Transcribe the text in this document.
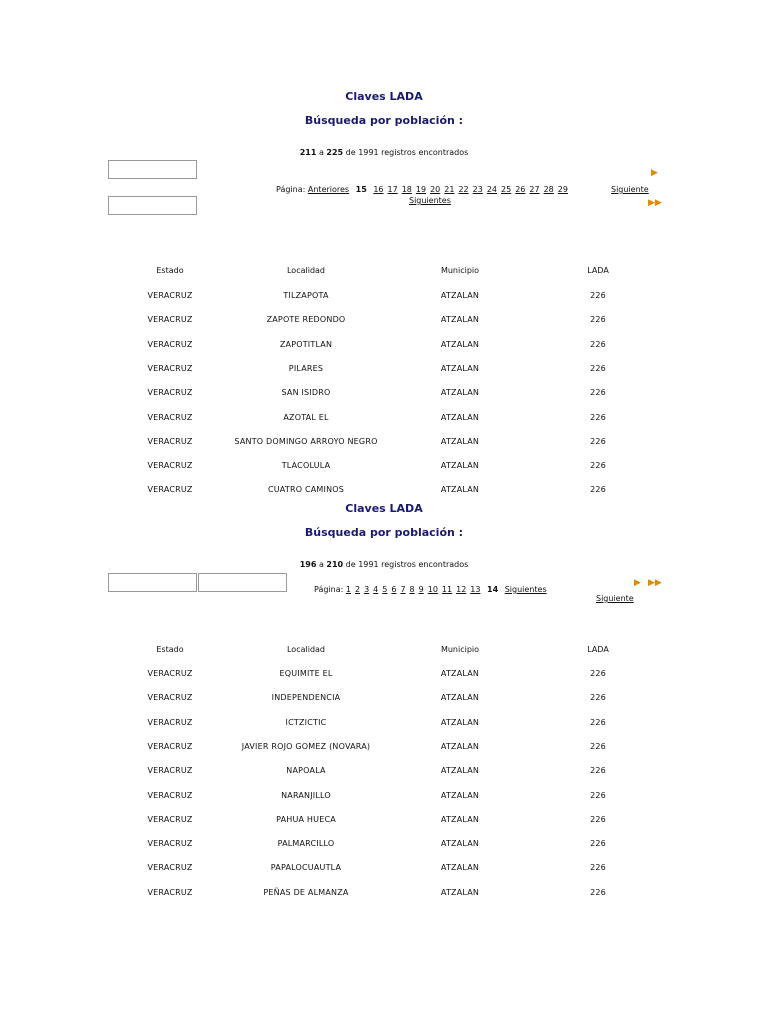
Claves LADA
Búsqueda por población :
211 a 225 de 1991 registros encontrados
Página: Anteriores 15 16 17 18 19 20 21 22 23 24 25 26 27 28 29	Siguiente
Siguientes
▶
▶▶
Estado	Localidad	Municipio	LADA
VERACRUZ	TILZAPOTA	ATZALAN	226
VERACRUZ	ZAPOTE REDONDO	ATZALAN	226
VERACRUZ	ZAPOTITLAN	ATZALAN	226
VERACRUZ	PILARES	ATZALAN	226
VERACRUZ	SAN ISIDRO	ATZALAN	226
VERACRUZ	AZOTAL EL	ATZALAN	226
VERACRUZ	SANTO DOMINGO ARROYO NEGRO	ATZALAN	226
VERACRUZ	TLACOLULA	ATZALAN	226
VERACRUZ	CUATRO CAMINOS	ATZALAN	226
Claves LADA
Búsqueda por población :
196 a 210 de 1991 registros encontrados
Página: 1 2 3 4 5 6 7 8 9 10 11 12 13 14 Siguientes
Siguiente
▶ ▶▶
Estado	Localidad	Municipio	LADA
VERACRUZ	EQUIMITE EL	ATZALAN	226
VERACRUZ	INDEPENDENCIA	ATZALAN	226
VERACRUZ	ICTZICTIC	ATZALAN	226
VERACRUZ	JAVIER ROJO GOMEZ (NOVARA)	ATZALAN	226
VERACRUZ	NAPOALA	ATZALAN	226
VERACRUZ	NARANJILLO	ATZALAN	226
VERACRUZ	PAHUA HUECA	ATZALAN	226
VERACRUZ	PALMARCILLO	ATZALAN	226
VERACRUZ	PAPALOCUAUTLA	ATZALAN	226
VERACRUZ	PEÑAS DE ALMANZA	ATZALAN	226
